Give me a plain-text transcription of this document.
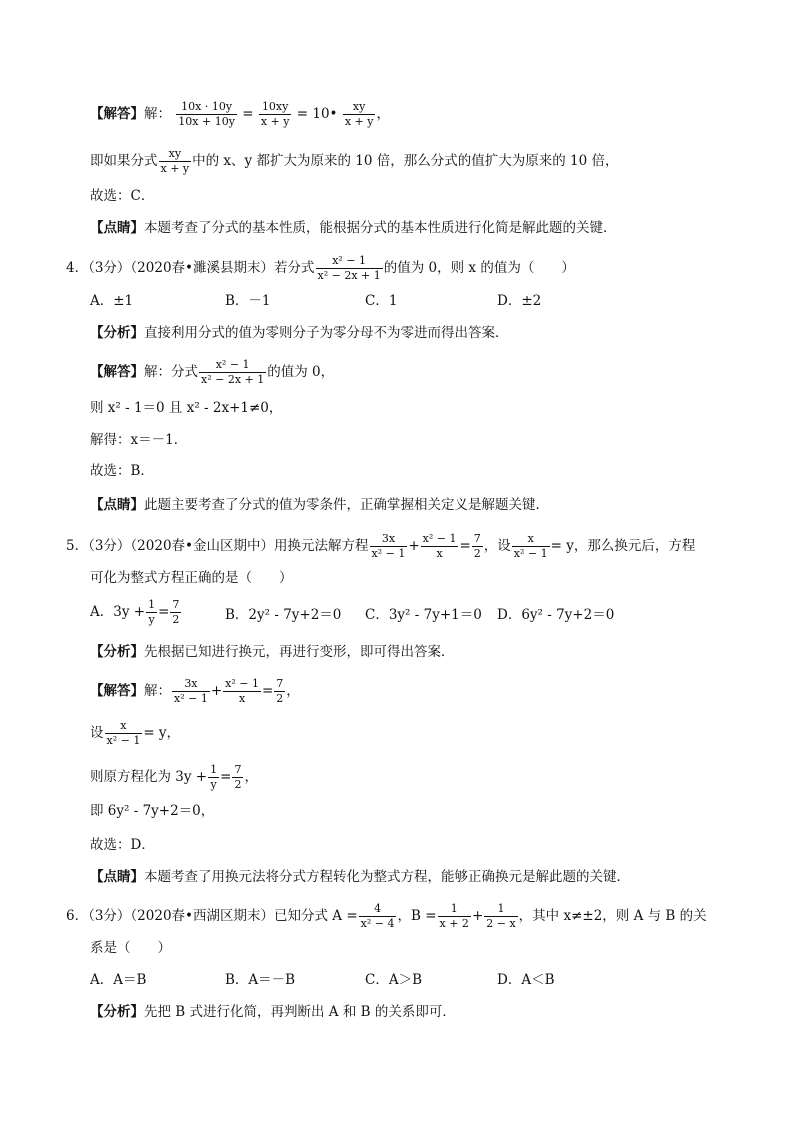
【解答】解： $\frac{10x \cdot 10y}{10x + 10y} = \frac{10xy}{x + y}$ = 10• $\frac{xy}{x + y}$ ，
即如果分式 $\frac{xy}{x + y}$ 中的 x、y 都扩大为原来的 10 倍，那么分式的值扩大为原来的 10 倍，
故选：C．
【点睛】本题考查了分式的基本性质，能根据分式的基本性质进行化简是解此题的关键．
4．（3分）（2020春•濉溪县期末）若分式 $\frac{\text{x² − 1}}{\text{x² − 2x + 1}}$ 的值为 0，则 x 的值为（　　）
A．±1	B．－1	C．1	D．±2
【分析】直接利用分式的值为零则分子为零分母不为零进而得出答案．
【解答】解：分式 $\frac{\text{x² − 1}}{\text{x² − 2x + 1}}$ 的值为 0，
则 x² - 1＝0 且 x² - 2x+1≠0，
解得：x＝－1．
故选：B．
【点睛】此题主要考查了分式的值为零条件，正确掌握相关定义是解题关键．
5．（3分）（2020春•金山区期中）用换元法解方程 $\frac{3x}{\text{x² − 1}} + \frac{\text{x² − 1}}{x} = \frac{7}{2}$ ，设 $\frac{x}{\text{x² − 1}} = y$，那么换元后，方程
可化为整式方程正确的是（　　）
A．$3y + \frac{1}{y} = \frac{7}{2}$	B．2y² - 7y+2＝0 C．3y² - 7y+1＝0 D．6y² - 7y+2＝0
【分析】先根据已知进行换元，再进行变形，即可得出答案．
【解答】解： $\frac{3x}{\text{x² − 1}} + \frac{\text{x² − 1}}{x} = \frac{7}{2}$ ，
设 $\frac{x}{\text{x² − 1}} = y$，
则原方程化为 $3y + \frac{1}{y} = \frac{7}{2}$ ，
即 6y² - 7y+2＝0，
故选：D．
【点睛】本题考查了用换元法将分式方程转化为整式方程，能够正确换元是解此题的关键．
6．（3分）（2020春•西湖区期末）已知分式 $A = \frac{4}{\text{x² − 4}}$ ，$B = \frac{1}{x + 2} + \frac{1}{2 - x}$ ，其中 x≠±2，则 A 与 B 的关
系是（　　）
A．A＝B	B．A＝－B	C．A＞B	D．A＜B
【分析】先把 B 式进行化简，再判断出 A 和 B 的关系即可．
